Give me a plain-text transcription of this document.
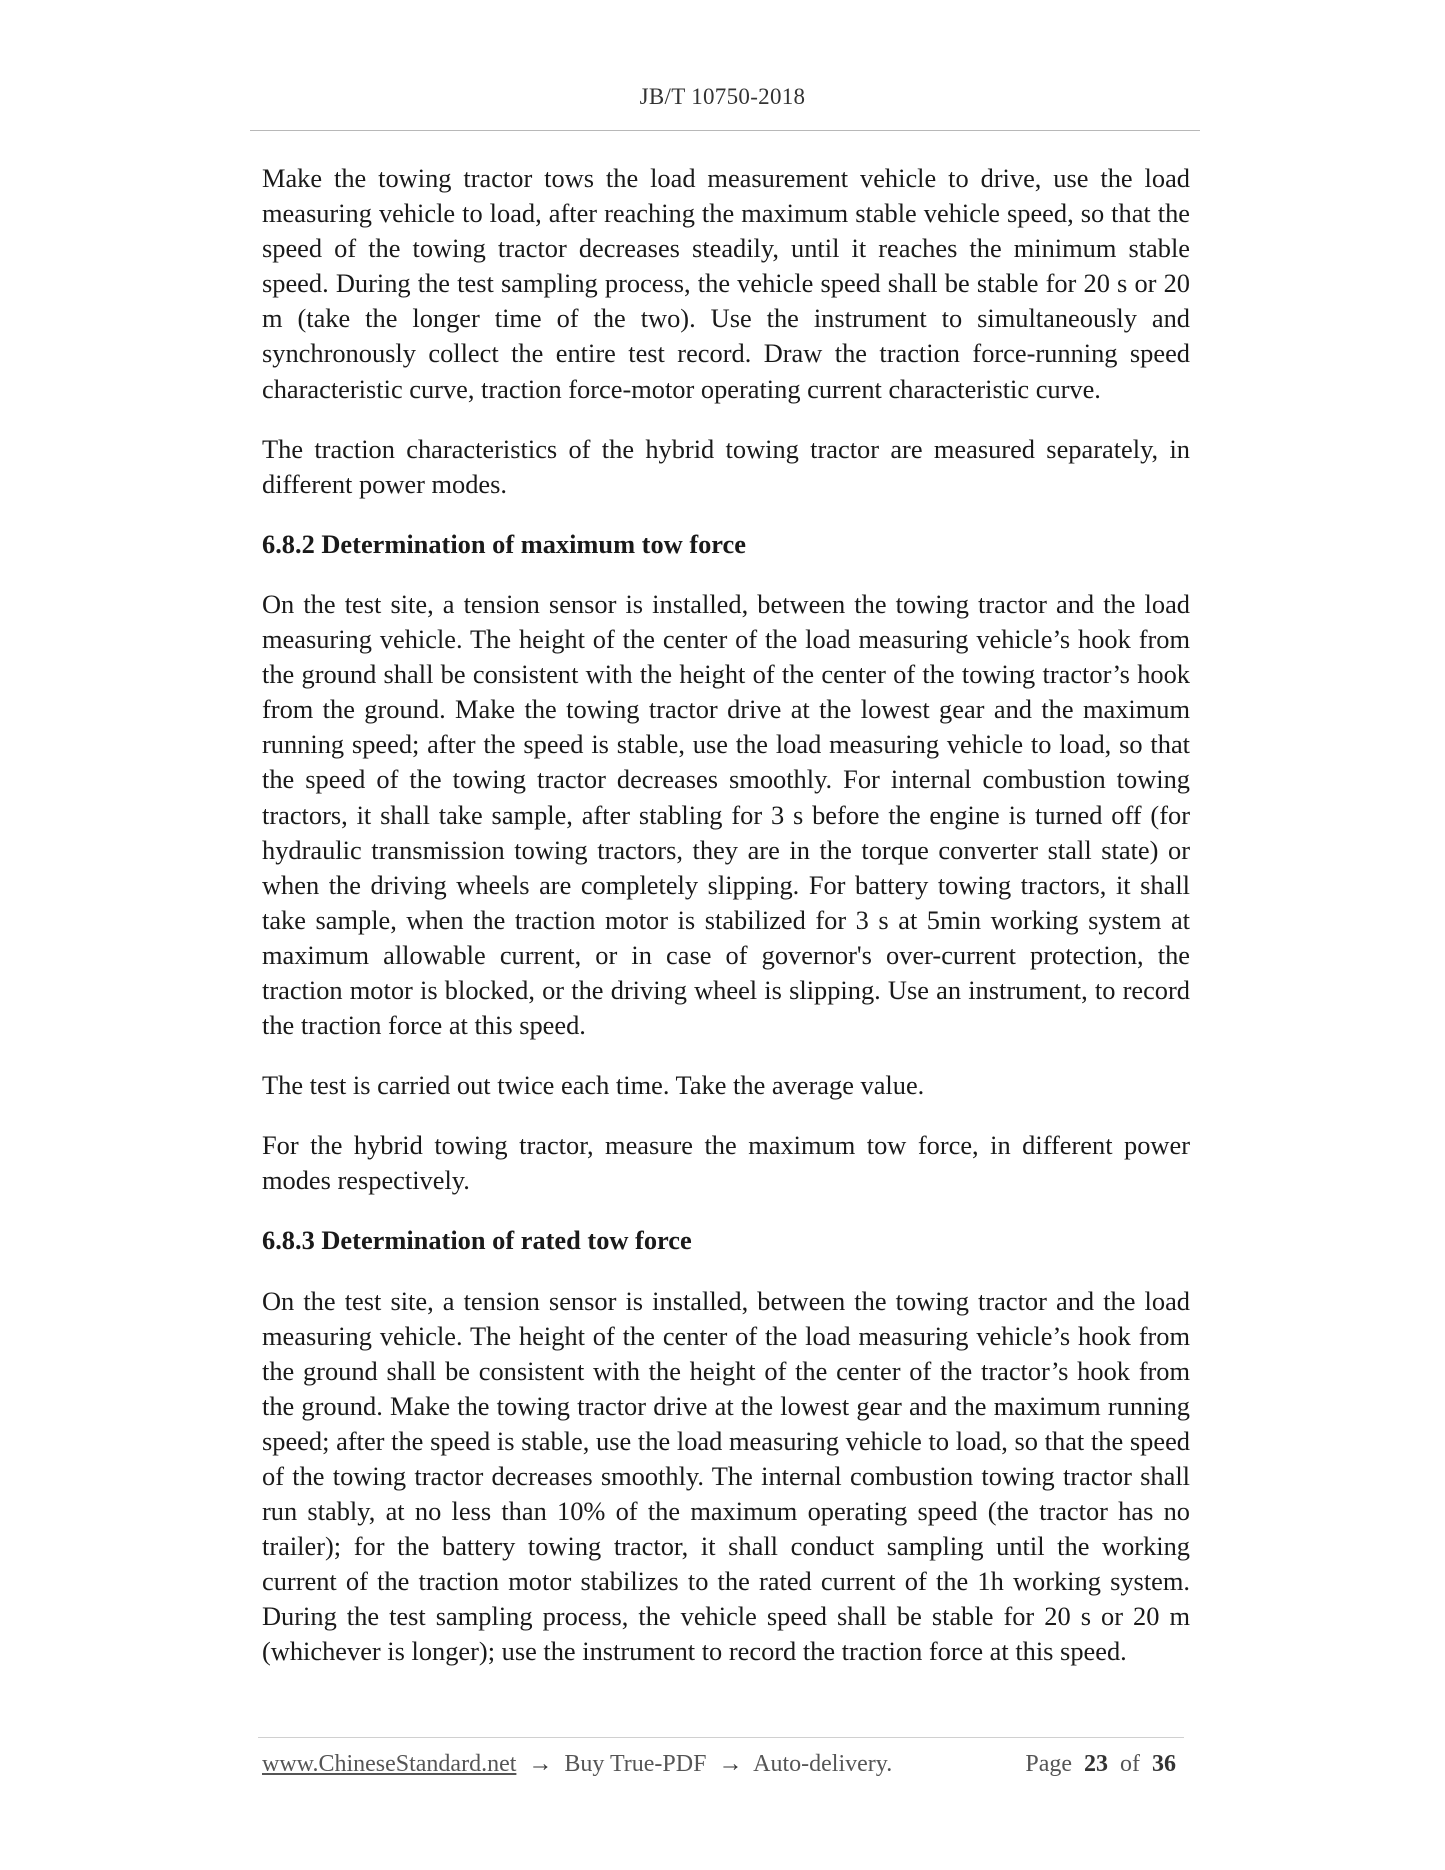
JB/T 10750-2018

Make the towing tractor tows the load measurement vehicle to drive, use the load measuring vehicle to load, after reaching the maximum stable vehicle speed, so that the speed of the towing tractor decreases steadily, until it reaches the minimum stable speed. During the test sampling process, the vehicle speed shall be stable for 20 s or 20 m (take the longer time of the two). Use the instrument to simultaneously and synchronously collect the entire test record. Draw the traction force-running speed characteristic curve, traction force-motor operating current characteristic curve.

The traction characteristics of the hybrid towing tractor are measured separately, in different power modes.

6.8.2 Determination of maximum tow force

On the test site, a tension sensor is installed, between the towing tractor and the load measuring vehicle. The height of the center of the load measuring vehicle’s hook from the ground shall be consistent with the height of the center of the towing tractor’s hook from the ground. Make the towing tractor drive at the lowest gear and the maximum running speed; after the speed is stable, use the load measuring vehicle to load, so that the speed of the towing tractor decreases smoothly. For internal combustion towing tractors, it shall take sample, after stabling for 3 s before the engine is turned off (for hydraulic transmission towing tractors, they are in the torque converter stall state) or when the driving wheels are completely slipping. For battery towing tractors, it shall take sample, when the traction motor is stabilized for 3 s at 5min working system at maximum allowable current, or in case of governor's over-current protection, the traction motor is blocked, or the driving wheel is slipping. Use an instrument, to record the traction force at this speed.

The test is carried out twice each time. Take the average value.

For the hybrid towing tractor, measure the maximum tow force, in different power modes respectively.

6.8.3 Determination of rated tow force

On the test site, a tension sensor is installed, between the towing tractor and the load measuring vehicle. The height of the center of the load measuring vehicle’s hook from the ground shall be consistent with the height of the center of the tractor’s hook from the ground. Make the towing tractor drive at the lowest gear and the maximum running speed; after the speed is stable, use the load measuring vehicle to load, so that the speed of the towing tractor decreases smoothly. The internal combustion towing tractor shall run stably, at no less than 10% of the maximum operating speed (the tractor has no trailer); for the battery towing tractor, it shall conduct sampling until the working current of the traction motor stabilizes to the rated current of the 1h working system. During the test sampling process, the vehicle speed shall be stable for 20 s or 20 m (whichever is longer); use the instrument to record the traction force at this speed.

www.ChineseStandard.net → Buy True-PDF → Auto-delivery.	Page 23 of 36
